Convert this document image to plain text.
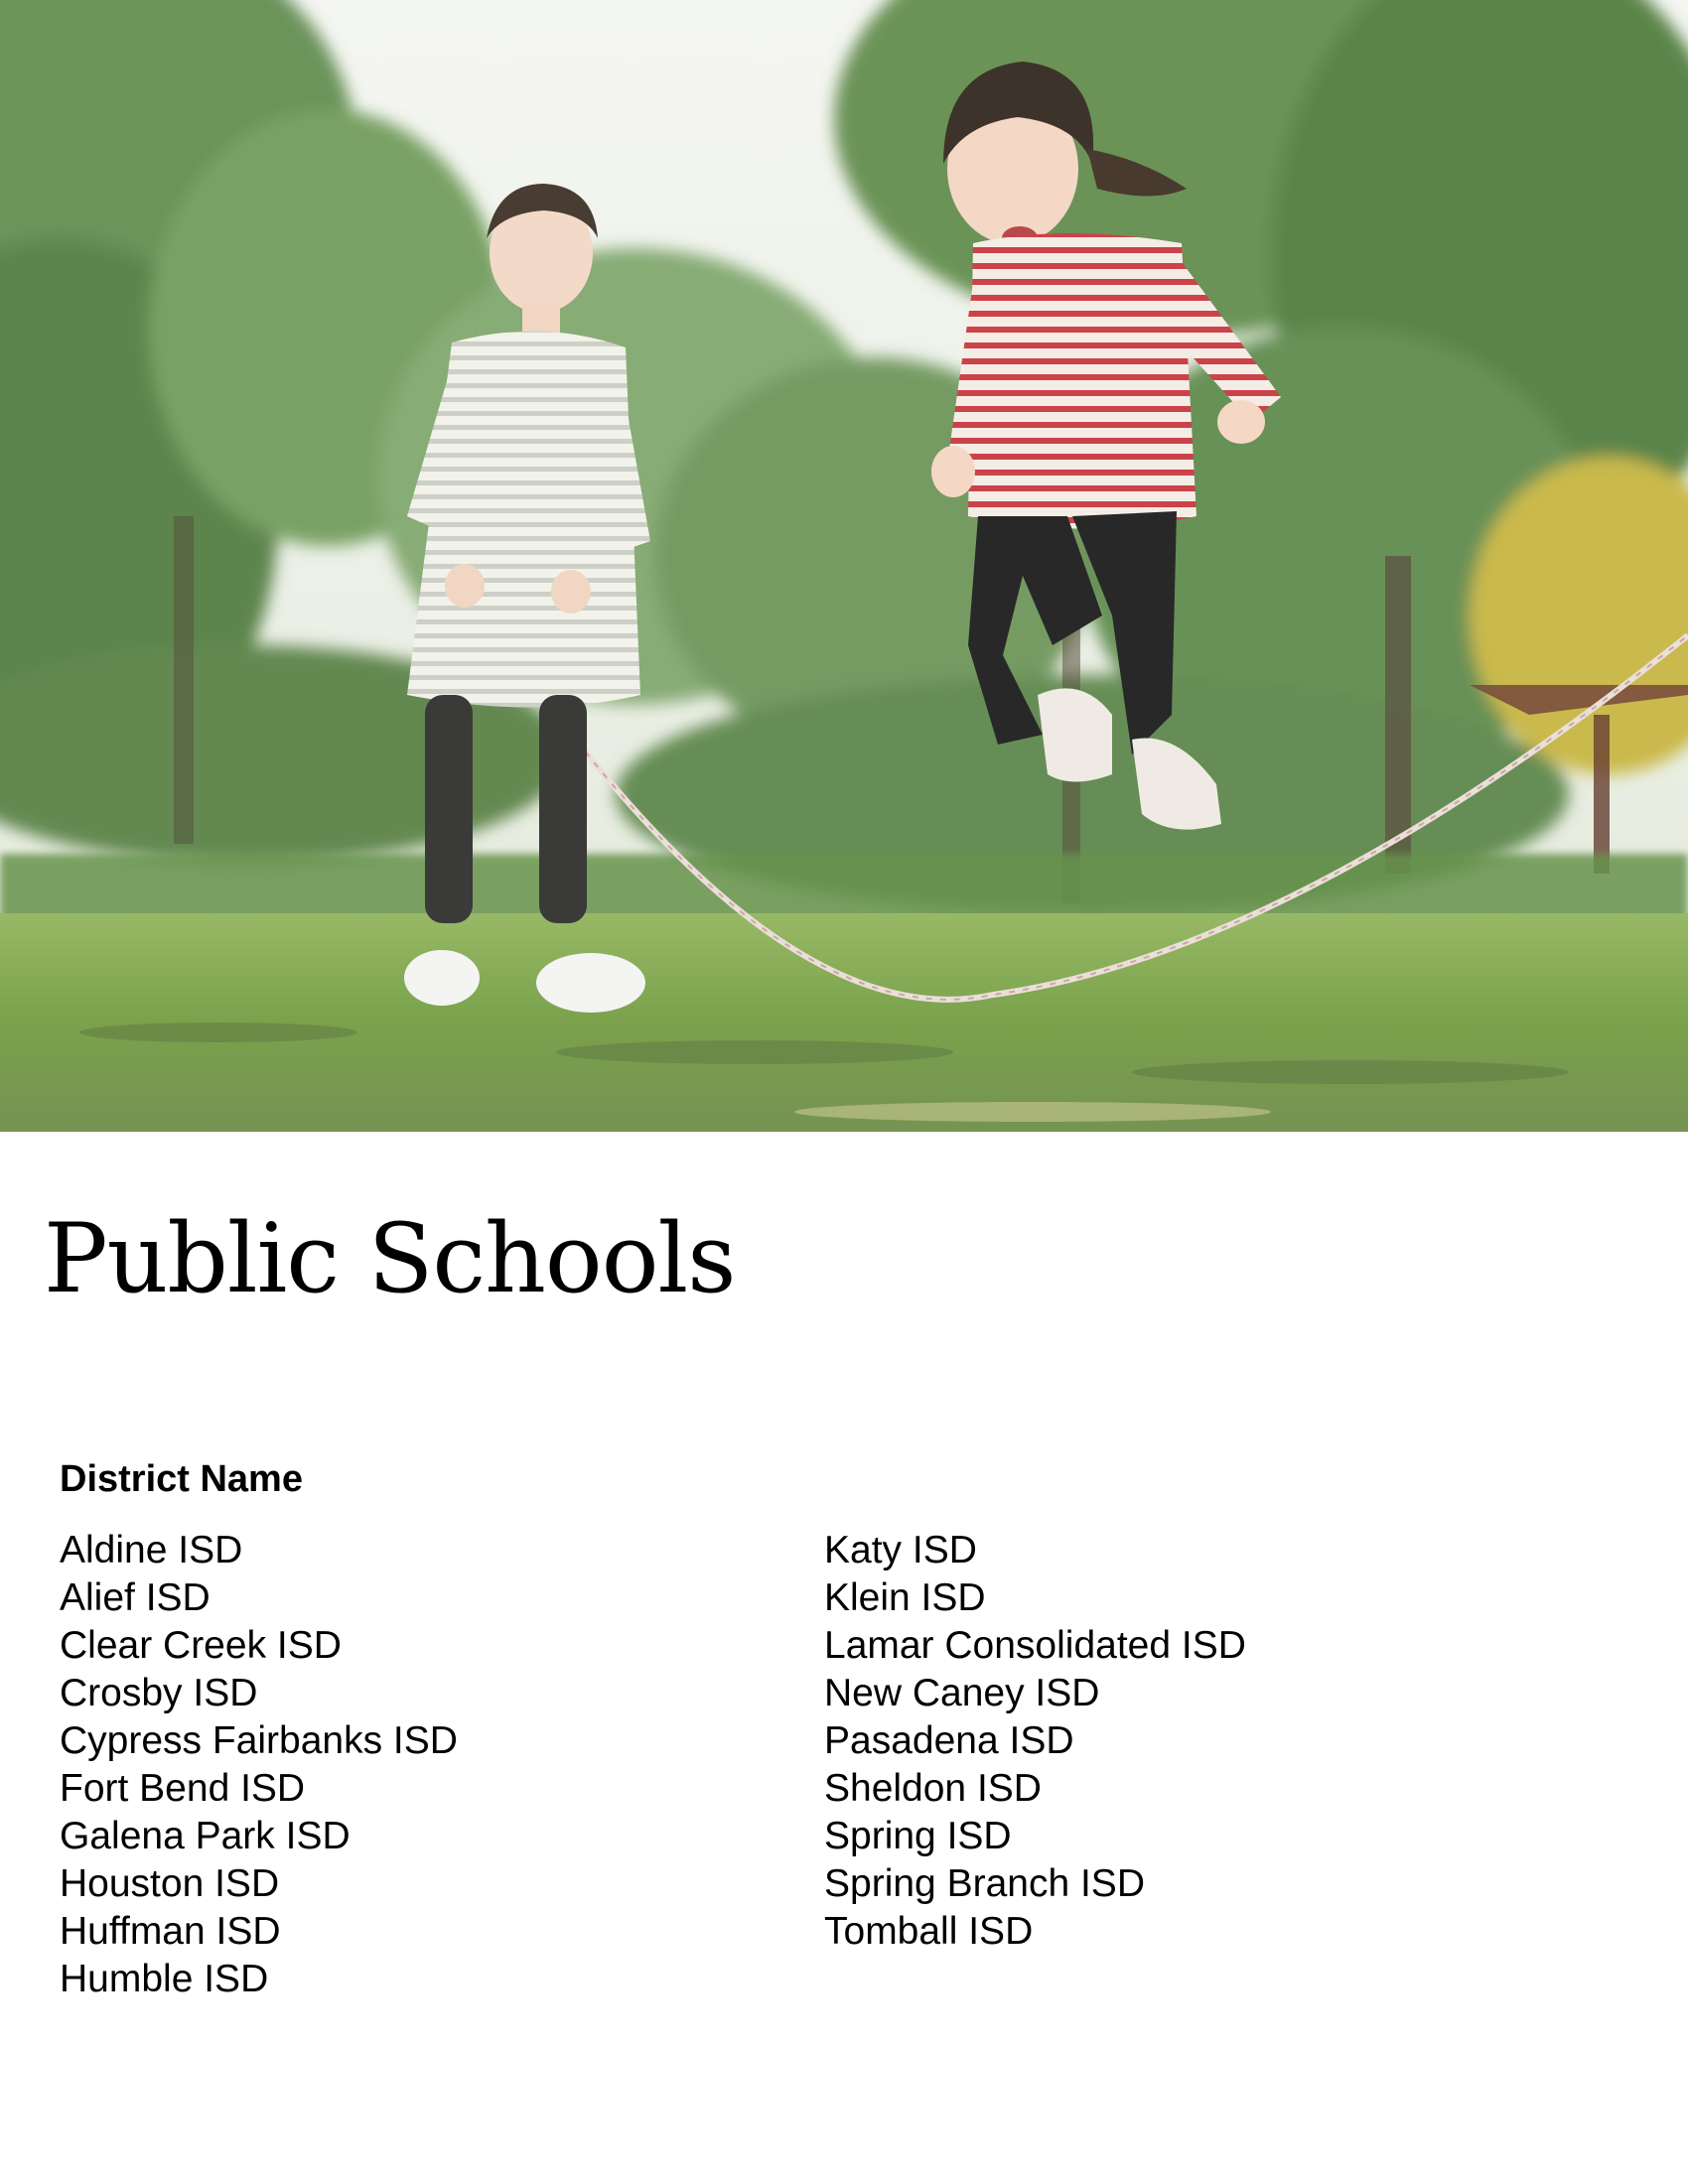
Public Schools
District Name
Aldine ISD
Alief ISD
Clear Creek ISD
Crosby ISD
Cypress Fairbanks ISD
Fort Bend ISD
Galena Park ISD
Houston ISD
Huffman ISD
Humble ISD
Katy ISD
Klein ISD
Lamar Consolidated ISD
New Caney ISD
Pasadena ISD
Sheldon ISD
Spring ISD
Spring Branch ISD
Tomball ISD
